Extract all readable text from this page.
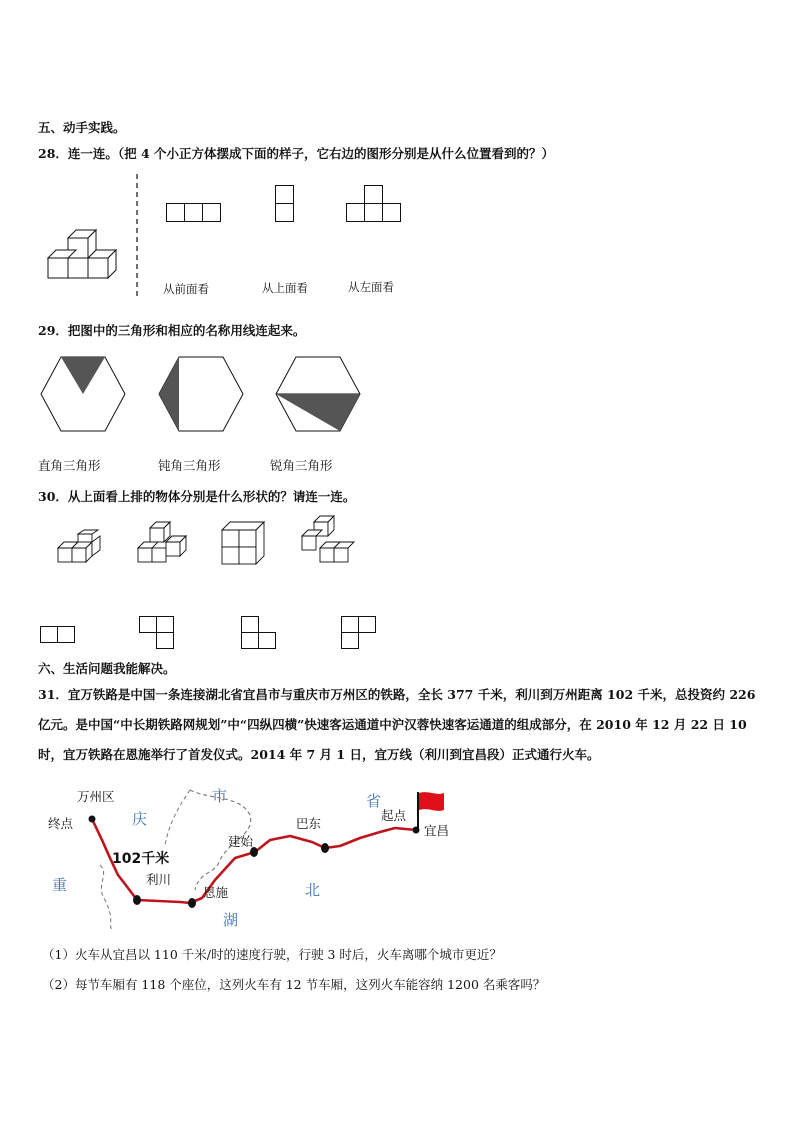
五、动手实践。
28．连一连。（把 4 个小正方体摆成下面的样子，它右边的图形分别是从什么位置看到的？）
从前面看	从上面看	从左面看
29．把图中的三角形和相应的名称用线连起来。
直角三角形	钝角三角形	锐角三角形
30．从上面看上排的物体分别是什么形状的？请连一连。
六、生活问题我能解决。
31．宜万铁路是中国一条连接湖北省宜昌市与重庆市万州区的铁路，全长 377 千米，利川到万州距离 102 千米，总投资约 226 亿元。是中国“中长期铁路网规划”中“四纵四横”快速客运通道中沪汉蓉快速客运通道的组成部分，在 2010 年 12 月 22 日 10 时，宜万铁路在恩施举行了首发仪式。2014 年 7 月 1 日，宜万线（利川到宜昌段）正式通行火车。
万州区
终点
102千米
利川
恩施
建始
巴东
起点
宜昌
庆
市	省
重
湖
北
（1）火车从宜昌以 110 千米/时的速度行驶，行驶 3 时后，火车离哪个城市更近？
（2）每节车厢有 118 个座位，这列火车有 12 节车厢，这列火车能容纳 1200 名乘客吗？
